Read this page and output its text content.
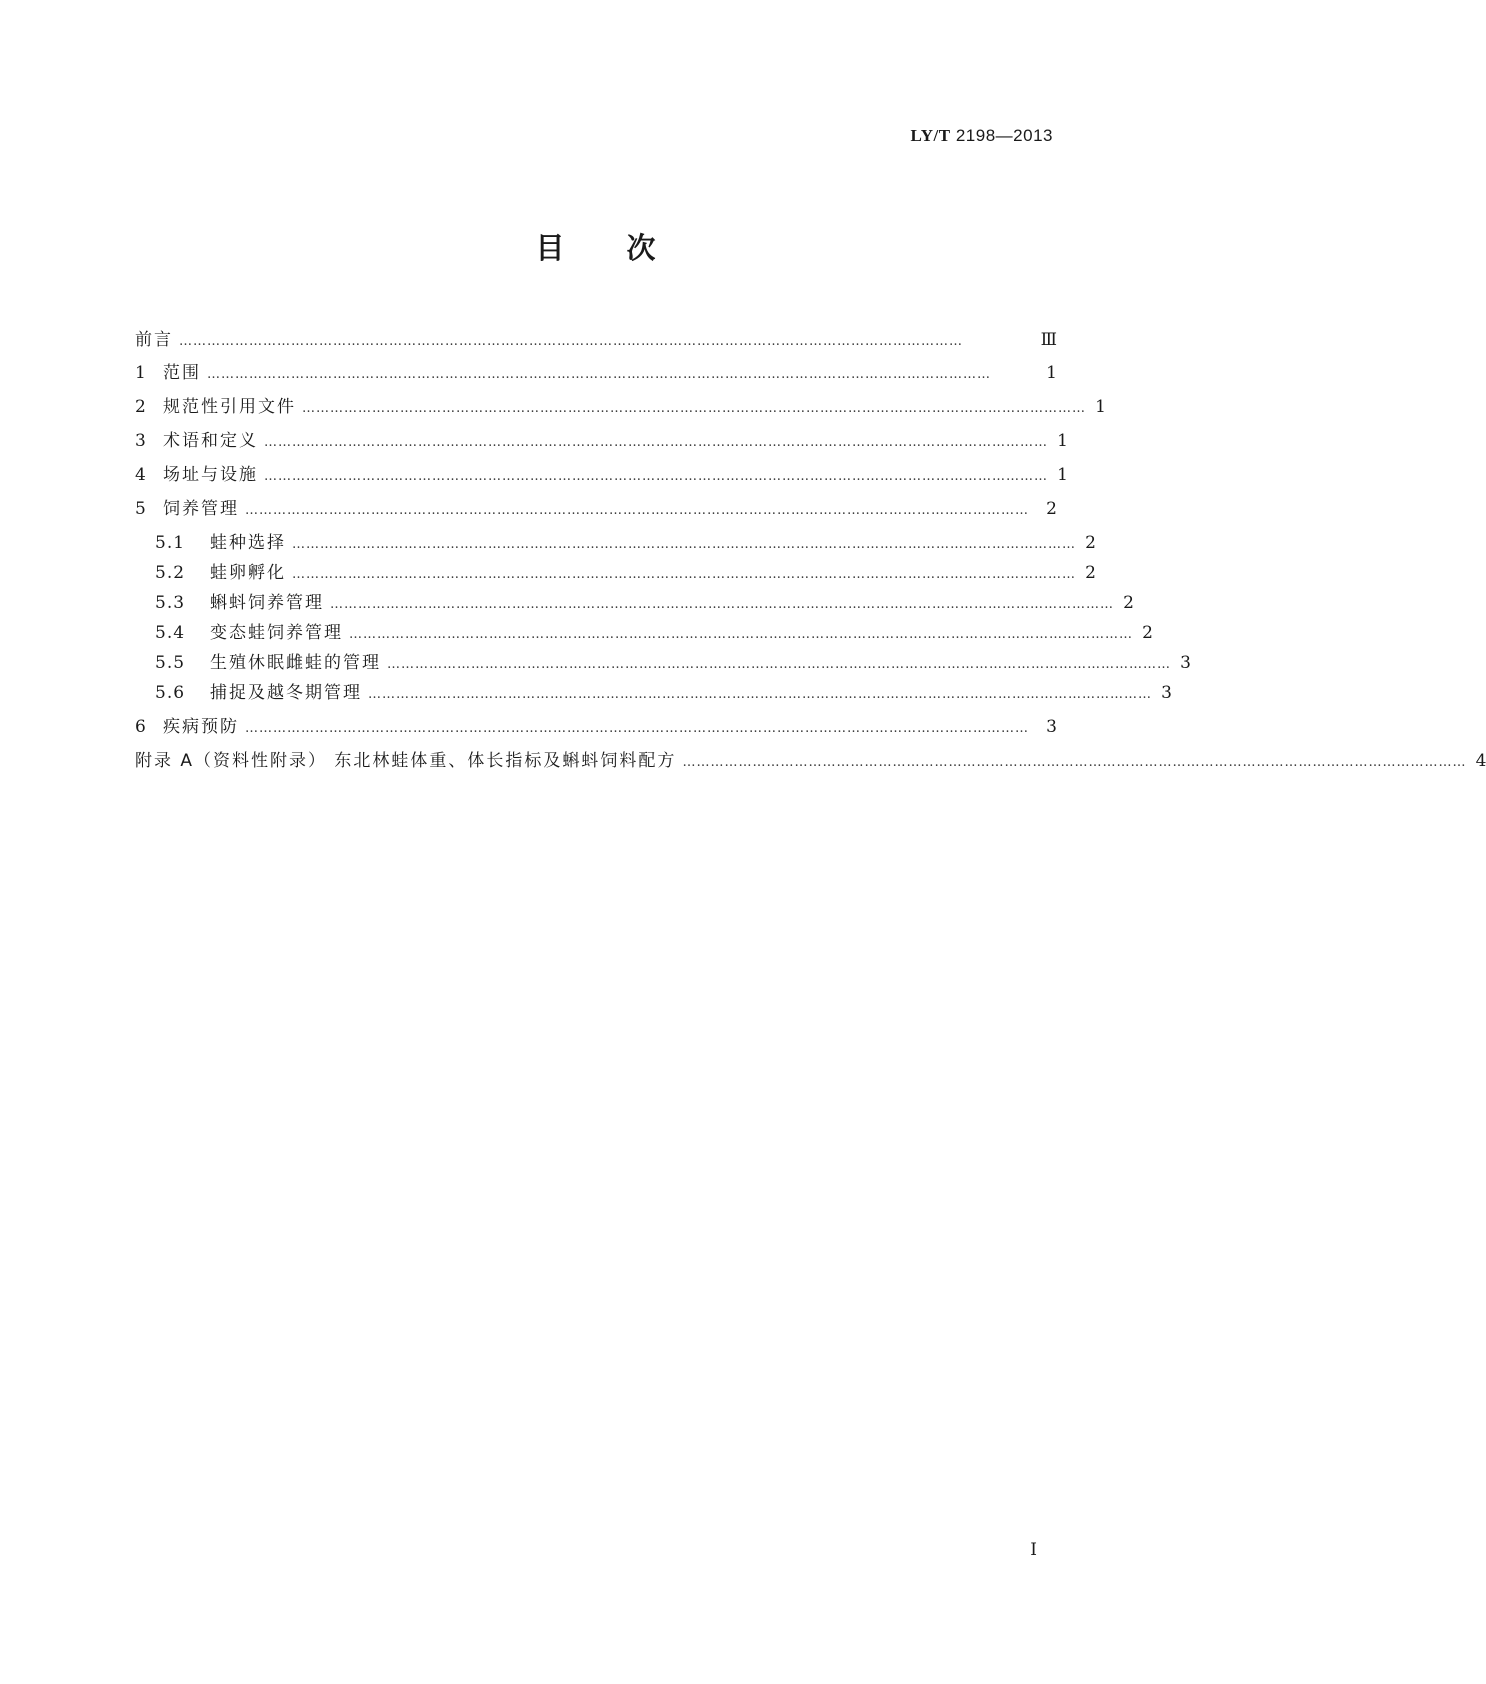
LY/T 2198—2013
目次
前言 ……………………………………………………………………………………………………………………………………………………	Ⅲ
1 范围 ……………………………………………………………………………………………………………………………………………………	1
2 规范性引用文件 …………………………………………………………………………………………………………………………………………………… 1
3 术语和定义 …………………………………………………………………………………………………………………………………………………… 1
4 场址与设施 …………………………………………………………………………………………………………………………………………………… 1
5 饲养管理 ……………………………………………………………………………………………………………………………………………………	2
5.1	蛙种选择 …………………………………………………………………………………………………………………………………………………… 2
5.2	蛙卵孵化 …………………………………………………………………………………………………………………………………………………… 2
5.3	蝌蚪饲养管理 …………………………………………………………………………………………………………………………………………………… 2
5.4	变态蛙饲养管理 …………………………………………………………………………………………………………………………………………………… 2
5.5	生殖休眠雌蛙的管理 …………………………………………………………………………………………………………………………………………………… 3
5.6	捕捉及越冬期管理 …………………………………………………………………………………………………………………………………………………… 3
6 疾病预防 ……………………………………………………………………………………………………………………………………………………	3
附录 A（资料性附录） 东北林蛙体重、体长指标及蝌蚪饲料配方 …………………………………………………………………………………………………………………………………………………… 4
I
